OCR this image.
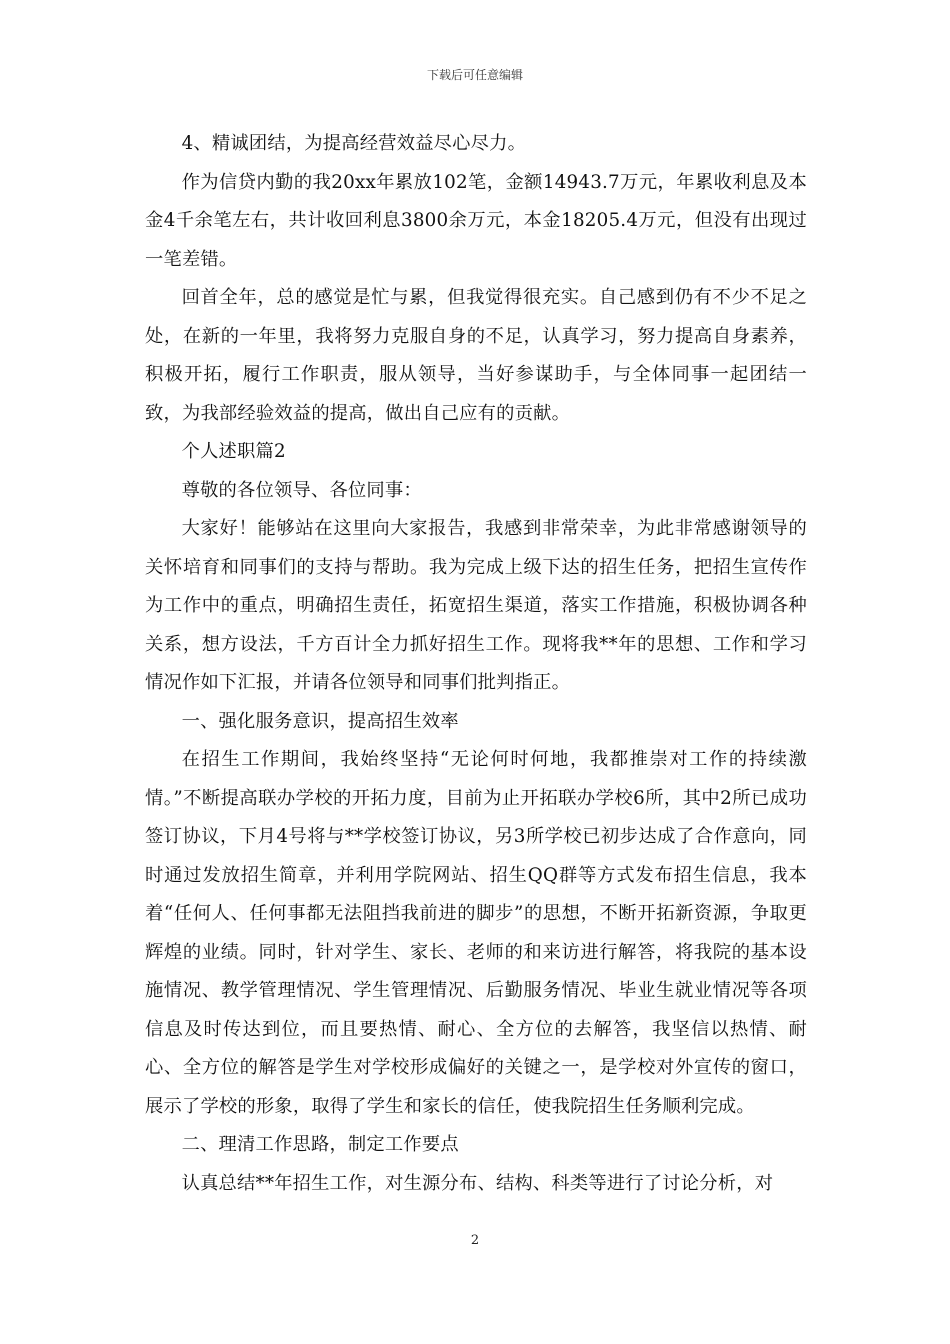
下载后可任意编辑

4、精诚团结，为提高经营效益尽心尽力。

作为信贷内勤的我20xx年累放102笔，金额14943.7万元，年累收利息及本金4千余笔左右，共计收回利息3800余万元，本金18205.4万元，但没有出现过一笔差错。

回首全年，总的感觉是忙与累，但我觉得很充实。自己感到仍有不少不足之处，在新的一年里，我将努力克服自身的不足，认真学习，努力提高自身素养，积极开拓，履行工作职责，服从领导，当好参谋助手，与全体同事一起团结一致，为我部经验效益的提高，做出自己应有的贡献。

个人述职篇2

尊敬的各位领导、各位同事：

大家好！能够站在这里向大家报告，我感到非常荣幸，为此非常感谢领导的关怀培育和同事们的支持与帮助。我为完成上级下达的招生任务，把招生宣传作为工作中的重点，明确招生责任，拓宽招生渠道，落实工作措施，积极协调各种关系，想方设法，千方百计全力抓好招生工作。现将我**年的思想、工作和学习情况作如下汇报，并请各位领导和同事们批判指正。

一、强化服务意识，提高招生效率

在招生工作期间，我始终坚持“无论何时何地，我都推崇对工作的持续激情。”不断提高联办学校的开拓力度，目前为止开拓联办学校6所，其中2所已成功签订协议，下月4号将与**学校签订协议，另3所学校已初步达成了合作意向，同时通过发放招生简章，并利用学院网站、招生QQ群等方式发布招生信息，我本着“任何人、任何事都无法阻挡我前进的脚步”的思想，不断开拓新资源，争取更辉煌的业绩。同时，针对学生、家长、老师的和来访进行解答，将我院的基本设施情况、教学管理情况、学生管理情况、后勤服务情况、毕业生就业情况等各项信息及时传达到位，而且要热情、耐心、全方位的去解答，我坚信以热情、耐心、全方位的解答是学生对学校形成偏好的关键之一，是学校对外宣传的窗口，展示了学校的形象，取得了学生和家长的信任，使我院招生任务顺利完成。

二、理清工作思路，制定工作要点

认真总结**年招生工作，对生源分布、结构、科类等进行了讨论分析，对

2
